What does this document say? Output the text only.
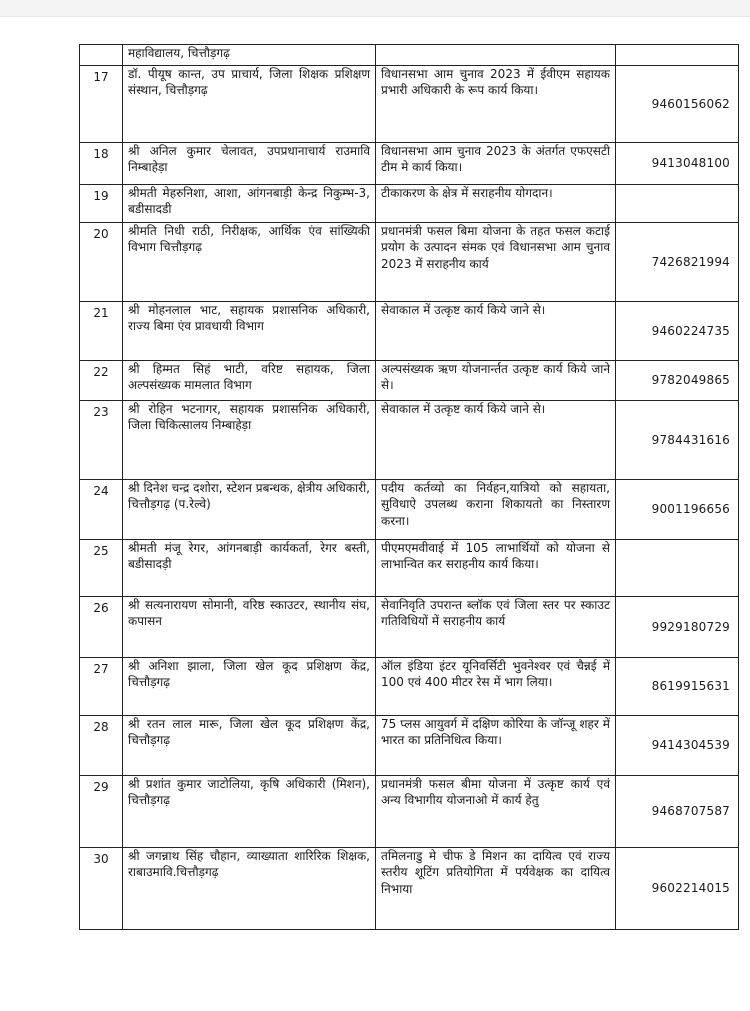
	महाविद्यालय, चित्तौड़गढ़		
17	डॉ. पीयूष कान्त, उप प्राचार्य, जिला शिक्षक प्रशिक्षण संस्थान, चित्तौड़गढ़	विधानसभा आम चुनाव 2023 में ईवीएम सहायक प्रभारी अधिकारी के रूप कार्य किया।	9460156062
18	श्री अनिल कुमार चेलावत, उपप्रधानाचार्य राउमावि निम्बाहेड़ा	विधानसभा आम चुनाव 2023 के अंतर्गत एफएसटी टीम मे कार्य किया।	9413048100
19	श्रीमती मेहरुनिशा, आशा, आंगनबाड़ी केन्द्र निकुम्भ-3, बडीसादडी	टीकाकरण के क्षेत्र में सराहनीय योगदान।	
20	श्रीमति निधी राठी, निरीक्षक, आर्थिक एंव सांख्यिकी विभाग चित्तौड़गढ़	प्रधानमंत्री फसल बिमा योजना के तहत फसल कटाई प्रयोग के उत्पादन संमक एवं विधानसभा आम चुनाव 2023 में सराहनीय कार्य	7426821994
21	श्री मोहनलाल भाट, सहायक प्रशासनिक अधिकारी, राज्य बिमा एंव प्रावधायी विभाग	सेवाकाल में उत्कृष्ट कार्य किये जाने से।	9460224735
22	श्री हिम्मत सिहं भाटी, वरिष्ट सहायक, जिला अल्पसंख्यक मामलात विभाग	अल्पसंख्यक ऋण योजनार्न्तत उत्कृष्ट कार्य किये जाने से।	9782049865
23	श्री रोहिन भटनागर, सहायक प्रशासनिक अधिकारी, जिला चिकित्सालय निम्बाहेड़ा	सेवाकाल में उत्कृष्ट कार्य किये जाने से।	9784431616
24	श्री दिनेश चन्द्र दशोरा, स्टेशन प्रबन्धक, क्षेत्रीय अधिकारी, चित्तौड़गढ़ (प.रेल्वे)	पदीय कर्तव्यो का निर्वहन,यात्रियो को सहायता, सुविधाऐ उपलब्ध कराना शिकायतो का निस्तारण करना।	9001196656
25	श्रीमती मंजू रेगर, आंगनबाड़ी कार्यकर्ता, रेगर बस्ती, बडीसादड़ी	पीएमएमवीवाई में 105 लाभार्थियों को योजना से लाभान्वित कर सराहनीय कार्य किया।	
26	श्री सत्यनारायण सोमानी, वरिष्ठ स्काउटर, स्थानीय संघ, कपासन	सेवानिवृति उपरान्त ब्लॉक एवं जिला स्तर पर स्काउट गतिविधियों में सराहनीय कार्य	9929180729
27	श्री अनिशा झाला, जिला खेल कूद प्रशिक्षण केंद्र, चित्तौड़गढ़	ऑल इंडिया इंटर यूनिवर्सिटी भुवनेश्वर एवं चैन्नई में 100 एवं 400 मीटर रेस में भाग लिया।	8619915631
28	श्री रतन लाल मारू, जिला खेल कूद प्रशिक्षण केंद्र, चित्तौड़गढ़	75 प्लस आयुवर्ग में दक्षिण कोरिया के जॉन्जू शहर में भारत का प्रतिनिधित्व किया।	9414304539
29	श्री प्रशांत कुमार जाटोलिया, कृषि अधिकारी (मिशन), चित्तौड़गढ़	प्रधानमंत्री फसल बीमा योजना में उत्कृष्ट कार्य एवं अन्य विभागीय योजनाओ में कार्य हेतु	9468707587
30	श्री जगन्नाथ सिंह चौहान, व्याख्याता शारिरिक शिक्षक, राबाउमावि.चित्तौड़गढ़	तमिलनाडु मे चीफ डे मिशन का दायित्व एवं राज्य स्तरीय शूटिंग प्रतियोगिता में पर्यवेक्षक का दायित्व निभाया	9602214015
